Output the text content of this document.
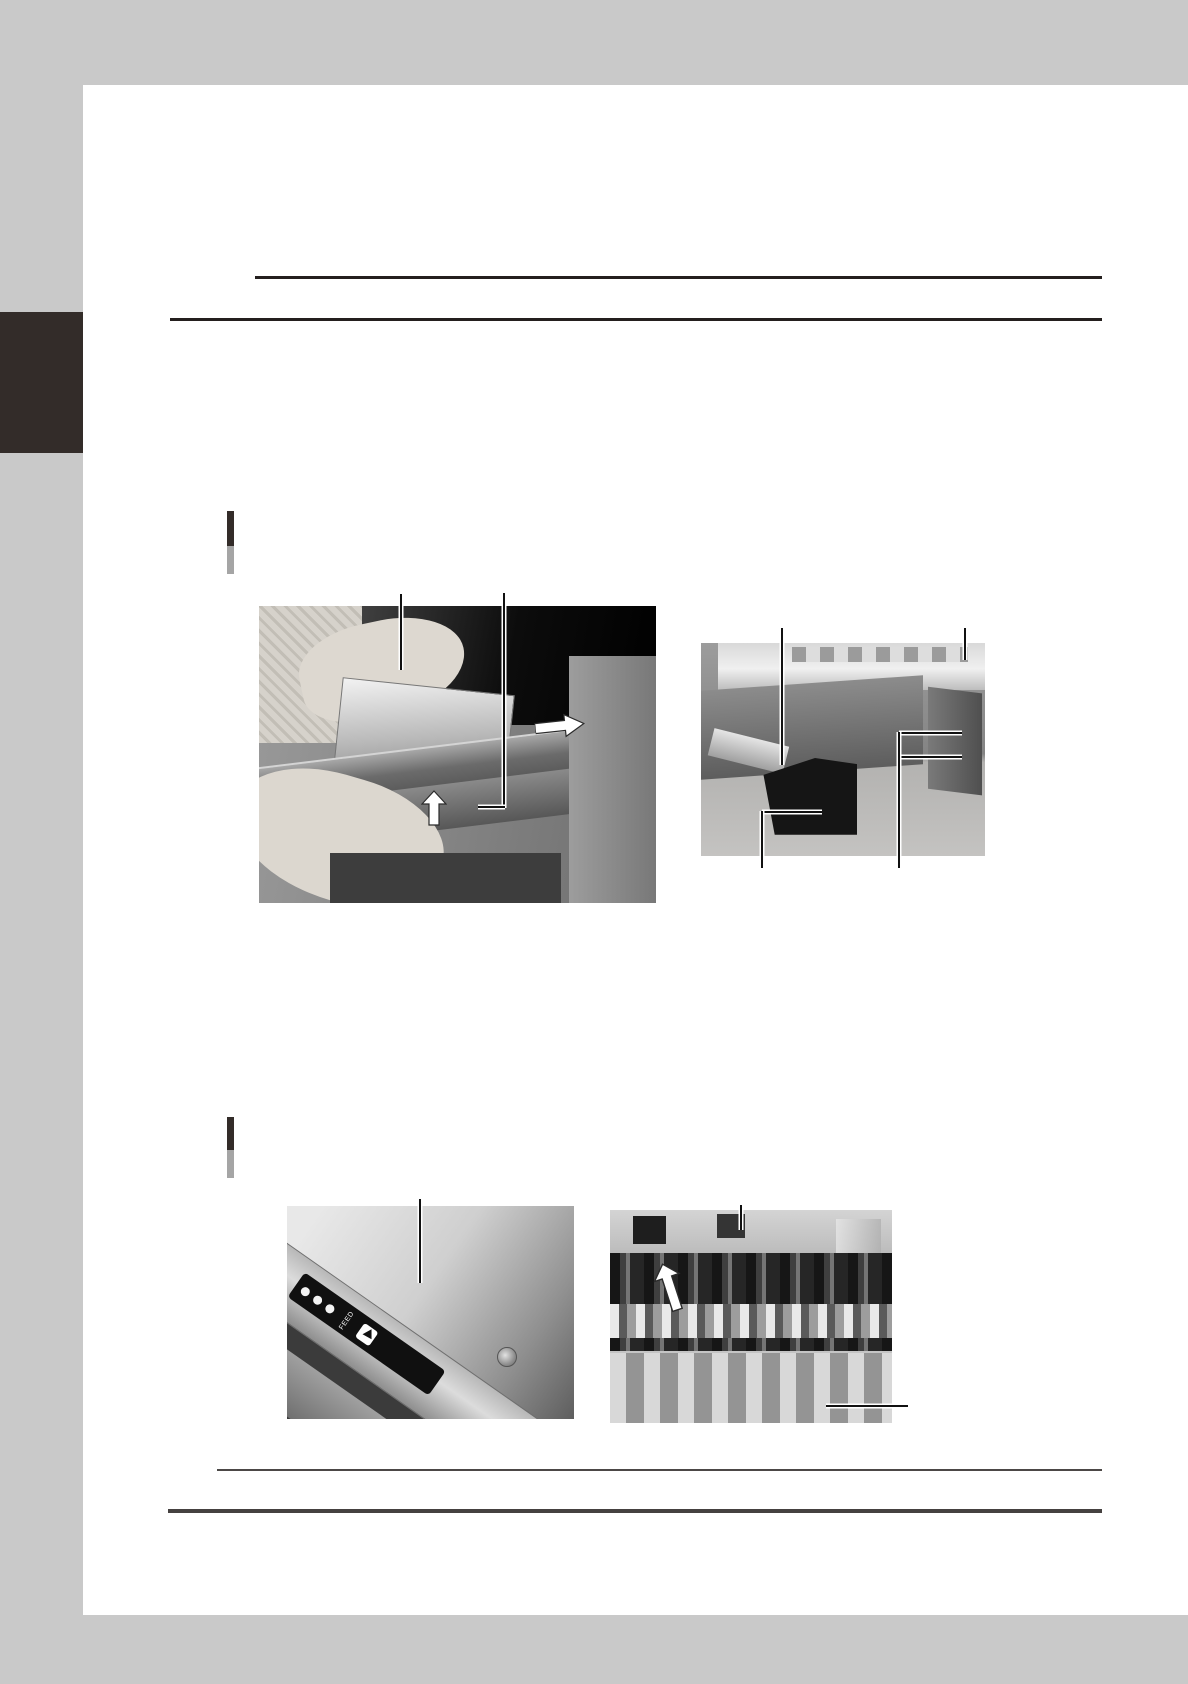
FEED
